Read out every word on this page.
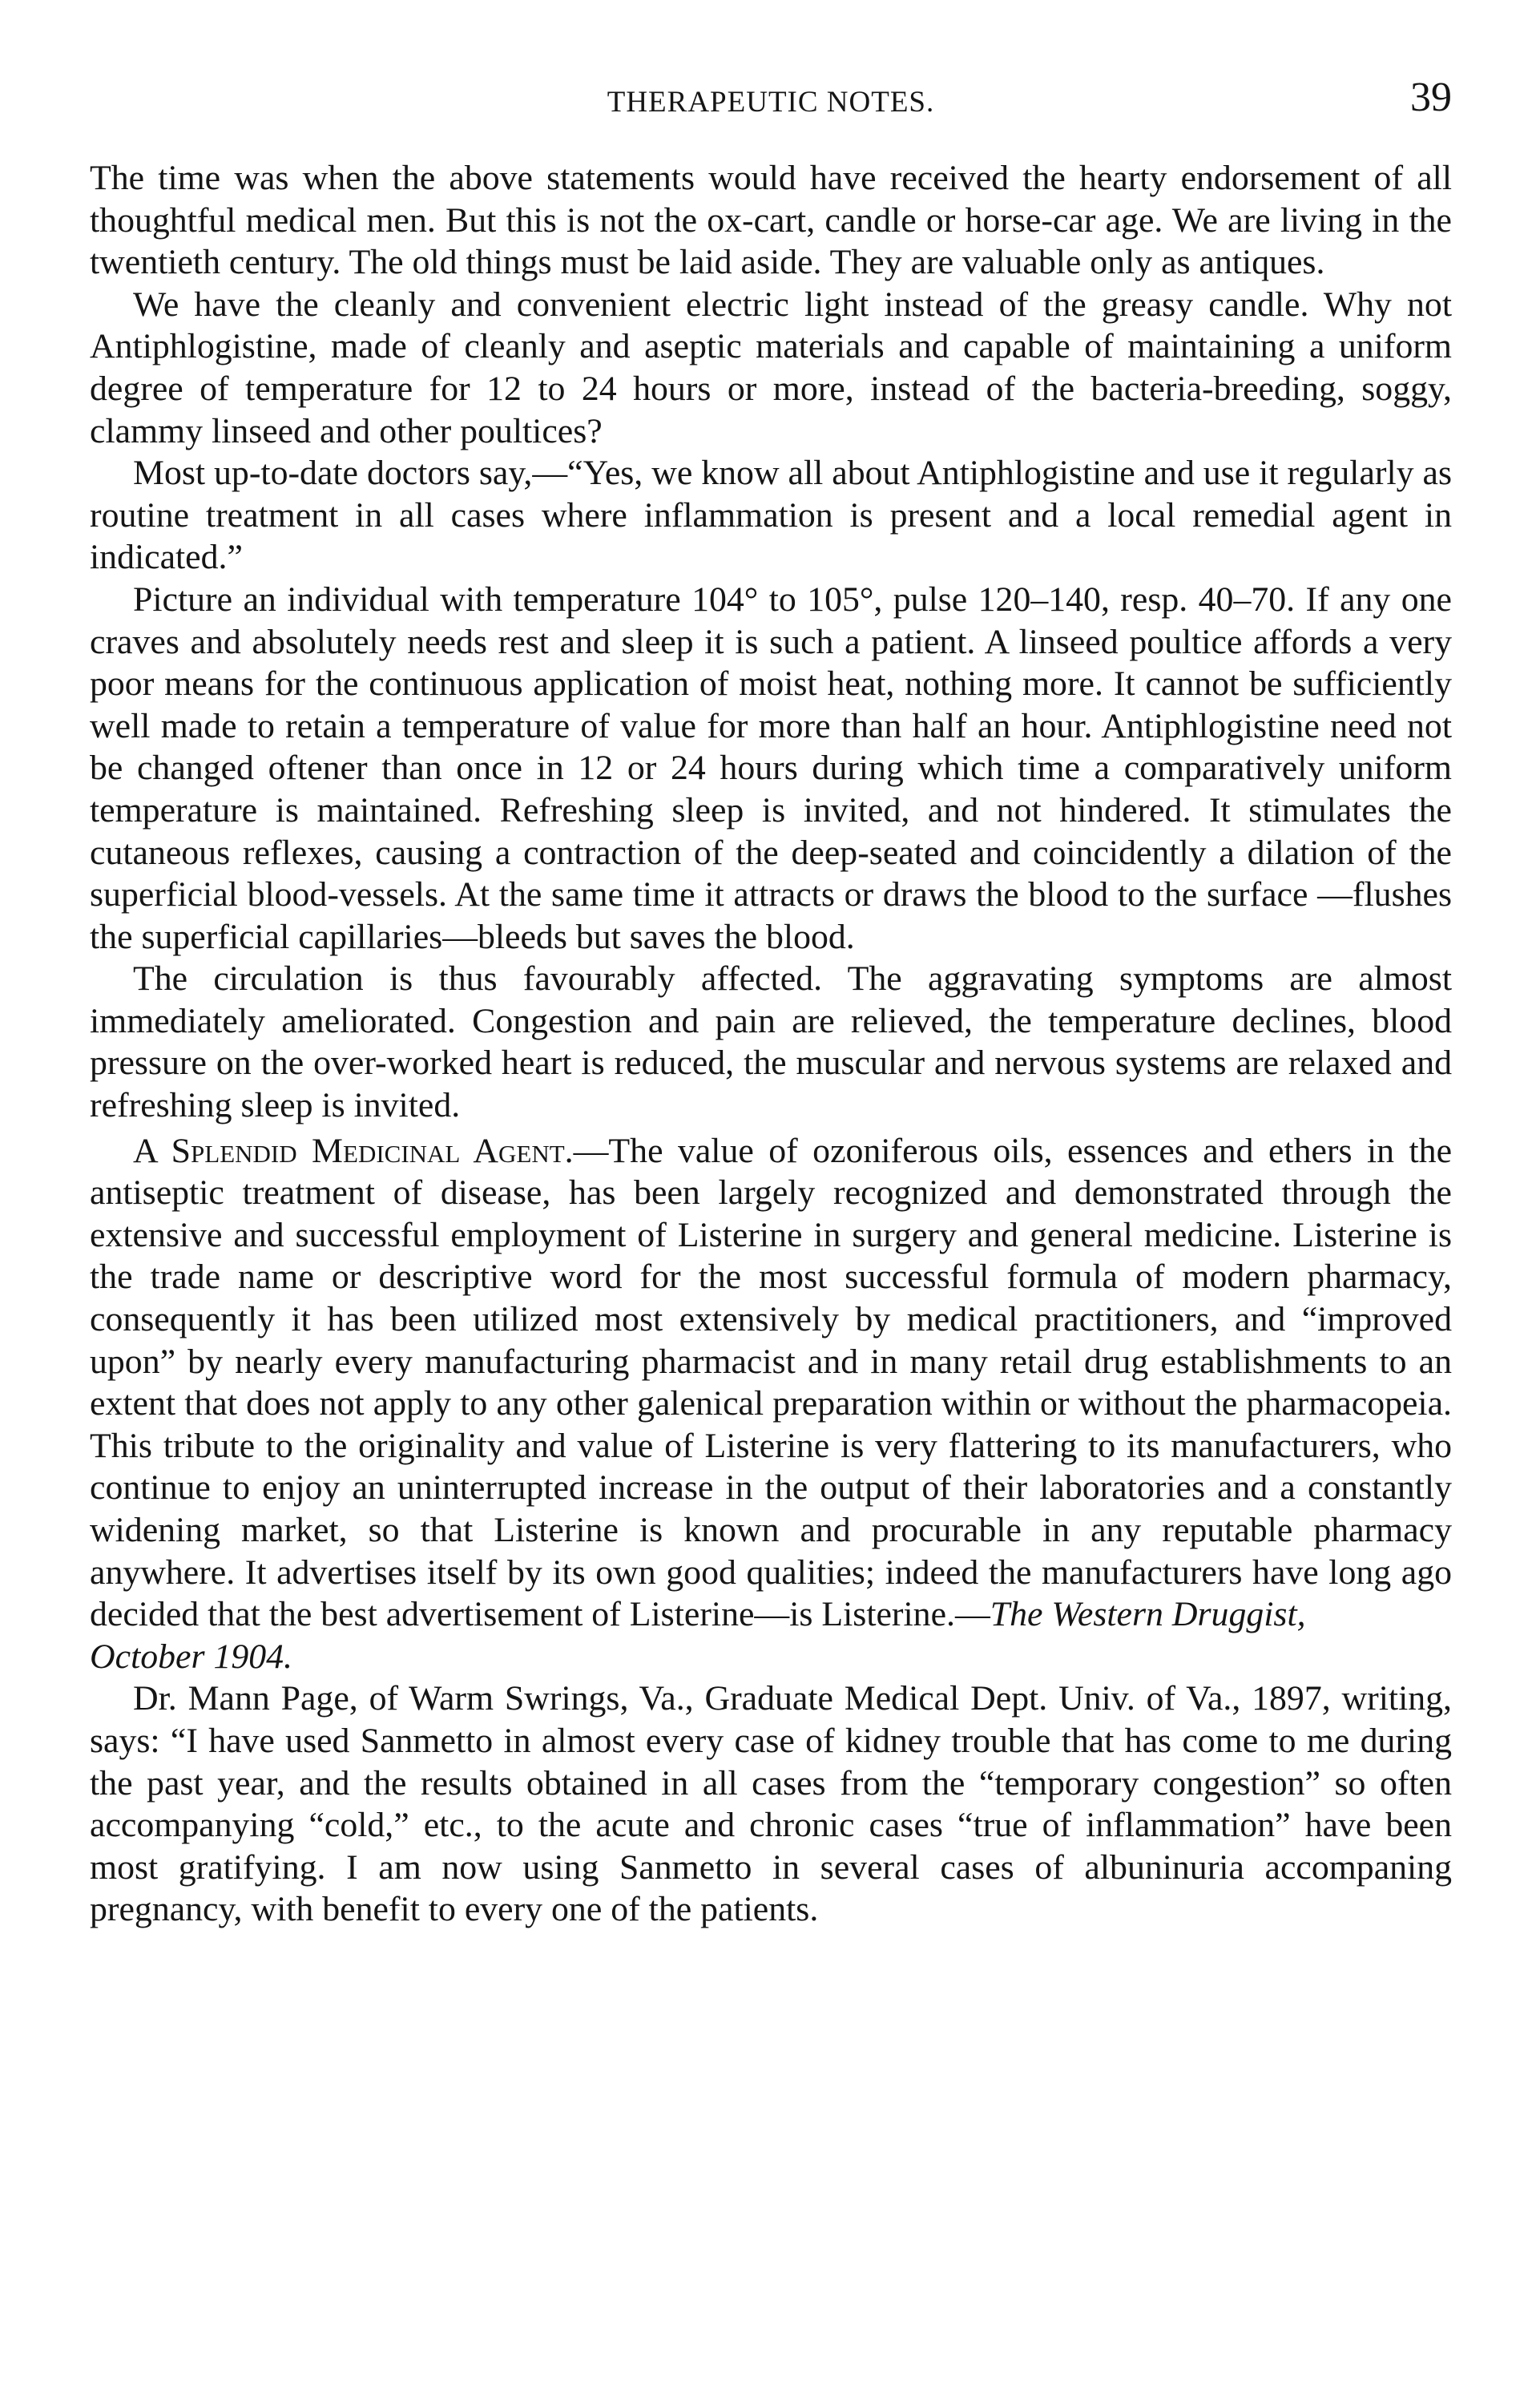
THERAPEUTIC NOTES.	39

The time was when the above statements would have received the hearty endorsement of all thoughtful medical men. But this is not the ox-cart, candle or horse-car age. We are living in the twentieth century. The old things must be laid aside. They are valuable only as antiques.

We have the cleanly and convenient electric light instead of the greasy candle. Why not Antiphlogistine, made of cleanly and aseptic materials and capable of maintaining a uniform degree of temperature for 12 to 24 hours or more, instead of the bacteria-breeding, soggy, clammy linseed and other poultices?

Most up-to-date doctors say,—“Yes, we know all about Antiphlogistine and use it regularly as routine treatment in all cases where inflammation is present and a local remedial agent in indicated.”

Picture an individual with temperature 104° to 105°, pulse 120–140, resp. 40–70. If any one craves and absolutely needs rest and sleep it is such a patient. A linseed poultice affords a very poor means for the continuous application of moist heat, nothing more. It cannot be sufficiently well made to retain a temperature of value for more than half an hour. Antiphlogistine need not be changed oftener than once in 12 or 24 hours during which time a comparatively uniform temperature is maintained. Refreshing sleep is invited, and not hindered. It stimulates the cutaneous reflexes, causing a contraction of the deep-seated and coincidently a dilation of the superficial blood-vessels. At the same time it attracts or draws the blood to the surface —flushes the superficial capillaries—bleeds but saves the blood.

The circulation is thus favourably affected. The aggravating symptoms are almost immediately ameliorated. Congestion and pain are relieved, the temperature declines, blood pressure on the over-worked heart is reduced, the muscular and nervous systems are relaxed and refreshing sleep is invited.

A Splendid Medicinal Agent.—The value of ozoniferous oils, essences and ethers in the antiseptic treatment of disease, has been largely recognized and demonstrated through the extensive and successful employment of Listerine in surgery and general medicine. Listerine is the trade name or descriptive word for the most successful formula of modern pharmacy, consequently it has been utilized most extensively by medical practitioners, and “improved upon” by nearly every manufacturing pharmacist and in many retail drug establishments to an extent that does not apply to any other galenical preparation within or without the pharmacopeia. This tribute to the originality and value of Listerine is very flattering to its manufacturers, who continue to enjoy an uninterrupted increase in the output of their laboratories and a constantly widening market, so that Listerine is known and procurable in any reputable pharmacy anywhere. It advertises itself by its own good qualities; indeed the manufacturers have long ago decided that the best advertisement of Listerine—is Listerine.—The Western Druggist,
October 1904.

Dr. Mann Page, of Warm Swrings, Va., Graduate Medical Dept. Univ. of Va., 1897, writing, says: “I have used Sanmetto in almost every case of kidney trouble that has come to me during the past year, and the results obtained in all cases from the “temporary congestion” so often accompanying “cold,” etc., to the acute and chronic cases “true of inflammation” have been most gratifying. I am now using Sanmetto in several cases of albuninuria accompaning pregnancy, with benefit to every one of the patients.
